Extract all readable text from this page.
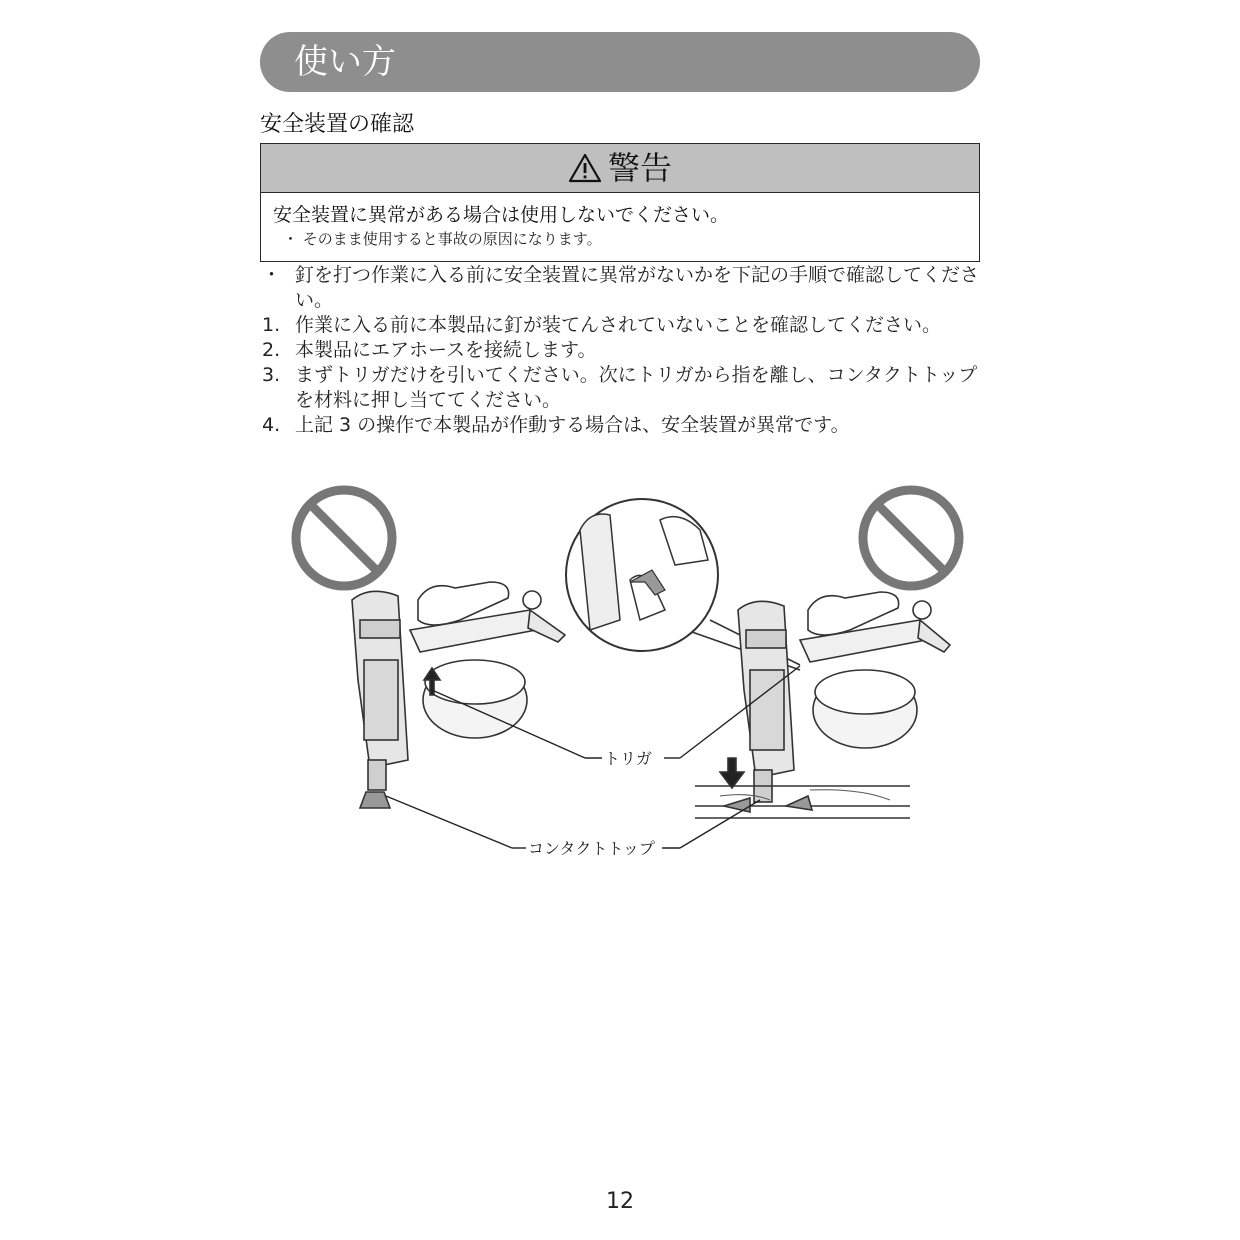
使い方
安全装置の確認
警告
安全装置に異常がある場合は使用しないでください。
・ そのまま使用すると事故の原因になります。
・ 釘を打つ作業に入る前に安全装置に異常がないかを下記の手順で確認してください。
1. 作業に入る前に本製品に釘が装てんされていないことを確認してください。
2. 本製品にエアホースを接続します。
3. まずトリガだけを引いてください。次にトリガから指を離し、コンタクトトップを材料に押し当ててください。
4. 上記 3 の操作で本製品が作動する場合は、安全装置が異常です。
トリガ
コンタクトトップ
12
